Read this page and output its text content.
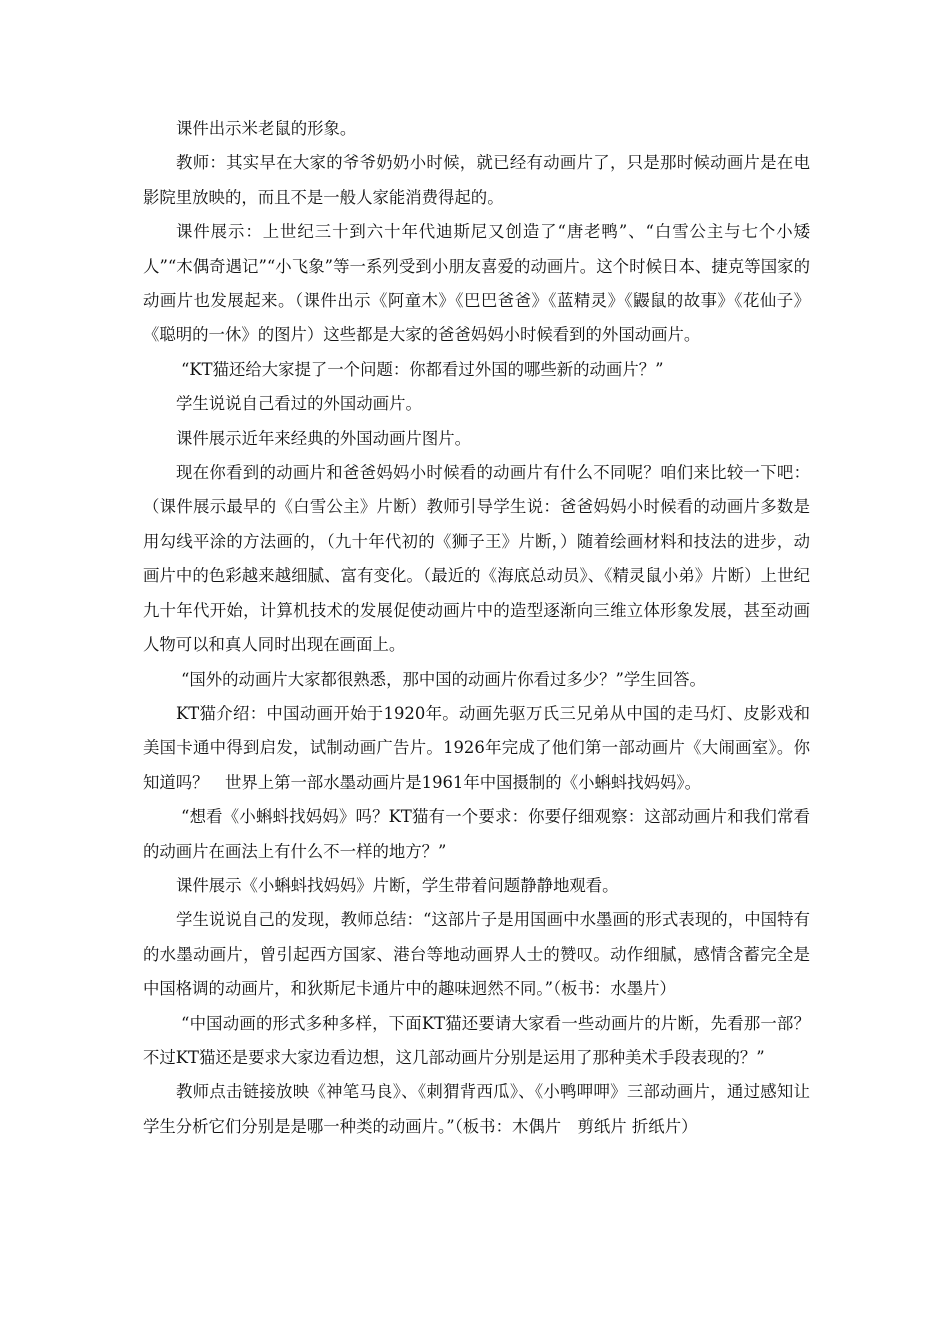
课件出示米老鼠的形象。

教师：其实早在大家的爷爷奶奶小时候，就已经有动画片了，只是那时候动画片是在电影院里放映的，而且不是一般人家能消费得起的。

课件展示：上世纪三十到六十年代迪斯尼又创造了“唐老鸭”、“白雪公主与七个小矮人”“木偶奇遇记”“小飞象”等一系列受到小朋友喜爱的动画片。这个时候日本、捷克等国家的动画片也发展起来。（课件出示《阿童木》《巴巴爸爸》《蓝精灵》《鼹鼠的故事》《花仙子》《聪明的一休》的图片）这些都是大家的爸爸妈妈小时候看到的外国动画片。

“KT猫还给大家提了一个问题：你都看过外国的哪些新的动画片？”

学生说说自己看过的外国动画片。

课件展示近年来经典的外国动画片图片。

现在你看到的动画片和爸爸妈妈小时候看的动画片有什么不同呢？咱们来比较一下吧：（课件展示最早的《白雪公主》片断）教师引导学生说：爸爸妈妈小时候看的动画片多数是用勾线平涂的方法画的，（九十年代初的《狮子王》片断，）随着绘画材料和技法的进步，动画片中的色彩越来越细腻、富有变化。（最近的《海底总动员》、《精灵鼠小弟》片断）上世纪九十年代开始，计算机技术的发展促使动画片中的造型逐渐向三维立体形象发展，甚至动画人物可以和真人同时出现在画面上。

“国外的动画片大家都很熟悉，那中国的动画片你看过多少？”学生回答。

KT猫介绍：中国动画开始于1920年。动画先驱万氏三兄弟从中国的走马灯、皮影戏和美国卡通中得到启发，试制动画广告片。1926年完成了他们第一部动画片《大闹画室》。你知道吗？　世界上第一部水墨动画片是1961年中国摄制的《小蝌蚪找妈妈》。

“想看《小蝌蚪找妈妈》吗？KT猫有一个要求：你要仔细观察：这部动画片和我们常看的动画片在画法上有什么不一样的地方？”

课件展示《小蝌蚪找妈妈》片断，学生带着问题静静地观看。

学生说说自己的发现，教师总结：“这部片子是用国画中水墨画的形式表现的，中国特有的水墨动画片，曾引起西方国家、港台等地动画界人士的赞叹。动作细腻，感情含蓄完全是中国格调的动画片，和狄斯尼卡通片中的趣味迥然不同。”（板书：水墨片）

“中国动画的形式多种多样，下面KT猫还要请大家看一些动画片的片断，先看那一部？不过KT猫还是要求大家边看边想，这几部动画片分别是运用了那种美术手段表现的？”

教师点击链接放映《神笔马良》、《刺猬背西瓜》、《小鸭呷呷》三部动画片，通过感知让学生分析它们分别是是哪一种类的动画片。”（板书：木偶片　剪纸片 折纸片）
